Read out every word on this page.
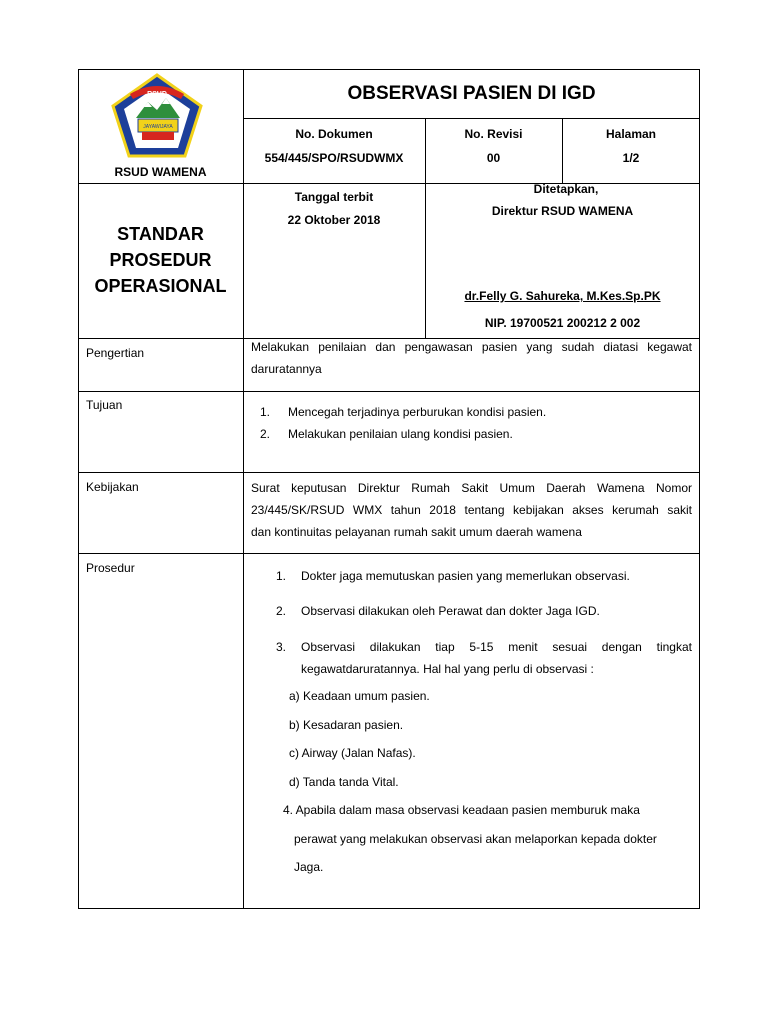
RSUD
JAYAWIJAYA
RSUD WAMENA
OBSERVASI PASIEN DI IGD
No. Dokumen
554/445/SPO/RSUDWMX
No. Revisi
00
Halaman
1/2
STANDAR
PROSEDUR
OPERASIONAL
Tanggal terbit
22 Oktober 2018
Ditetapkan,
Direktur RSUD WAMENA
dr.Felly G. Sahureka, M.Kes.Sp.PK
NIP. 19700521 200212 2 002
Pengertian	Melakukan penilaian dan pengawasan pasien yang sudah diatasi kegawat
daruratannya
Tujuan	1. Mencegah terjadinya perburukan kondisi pasien.
2. Melakukan penilaian ulang kondisi pasien.
Kebijakan	Surat keputusan Direktur Rumah Sakit Umum Daerah Wamena Nomor
23/445/SK/RSUD WMX tahun 2018 tentang kebijakan akses kerumah sakit
dan kontinuitas pelayanan rumah sakit umum daerah wamena
Prosedur
1. Dokter jaga memutuskan pasien yang memerlukan observasi.
2. Observasi dilakukan oleh Perawat dan dokter Jaga IGD.
3. Observasi dilakukan tiap 5-15 menit sesuai dengan tingkat
kegawatdaruratannya. Hal hal yang perlu di observasi :
a) Keadaan umum pasien.
b) Kesadaran pasien.
c) Airway (Jalan Nafas).
d) Tanda tanda Vital.
4. Apabila dalam masa observasi keadaan pasien memburuk maka
perawat yang melakukan observasi akan melaporkan kepada dokter
Jaga.
